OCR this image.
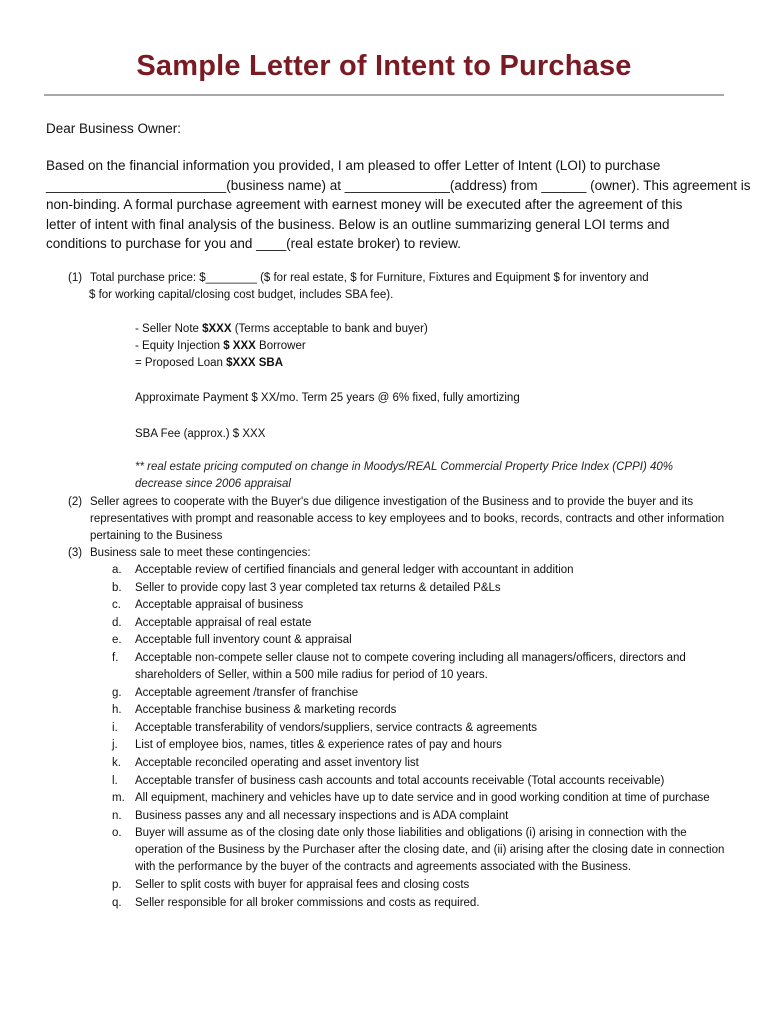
Sample Letter of Intent to Purchase
Dear Business Owner:
Based on the financial information you provided, I am pleased to offer Letter of Intent (LOI) to purchase
________________________(business name) at ______________(address) from ______ (owner). This agreement is
non-binding. A formal purchase agreement with earnest money will be executed after the agreement of this
letter of intent with final analysis of the business. Below is an outline summarizing general LOI terms and
conditions to purchase for you and ____(real estate broker) to review.
(1) Total purchase price: $________ ($ for real estate, $ for Furniture, Fixtures and Equipment $ for inventory and
$ for working capital/closing cost budget, includes SBA fee).
- Seller Note $XXX (Terms acceptable to bank and buyer)
- Equity Injection $ XXX Borrower
= Proposed Loan $XXX SBA
Approximate Payment $ XX/mo. Term 25 years @ 6% fixed, fully amortizing
SBA Fee (approx.) $ XXX
** real estate pricing computed on change in Moodys/REAL Commercial Property Price Index (CPPI) 40% decrease since 2006 appraisal
(2) Seller agrees to cooperate with the Buyer's due diligence investigation of the Business and to provide the buyer and its representatives with prompt and reasonable access to key employees and to books, records, contracts and other information pertaining to the Business
(3) Business sale to meet these contingencies:
a. Acceptable review of certified financials and general ledger with accountant in addition
b. Seller to provide copy last 3 year completed tax returns & detailed P&Ls
c. Acceptable appraisal of business
d. Acceptable appraisal of real estate
e. Acceptable full inventory count & appraisal
f. Acceptable non-compete seller clause not to compete covering including all managers/officers, directors and shareholders of Seller, within a 500 mile radius for period of 10 years.
g. Acceptable agreement /transfer of franchise
h. Acceptable franchise business & marketing records
i. Acceptable transferability of vendors/suppliers, service contracts & agreements
j. List of employee bios, names, titles & experience rates of pay and hours
k. Acceptable reconciled operating and asset inventory list
l. Acceptable transfer of business cash accounts and total accounts receivable (Total accounts receivable)
m. All equipment, machinery and vehicles have up to date service and in good working condition at time of purchase
n. Business passes any and all necessary inspections and is ADA complaint
o. Buyer will assume as of the closing date only those liabilities and obligations (i) arising in connection with the operation of the Business by the Purchaser after the closing date, and (ii) arising after the closing date in connection with the performance by the buyer of the contracts and agreements associated with the Business.
p. Seller to split costs with buyer for appraisal fees and closing costs
q. Seller responsible for all broker commissions and costs as required.
